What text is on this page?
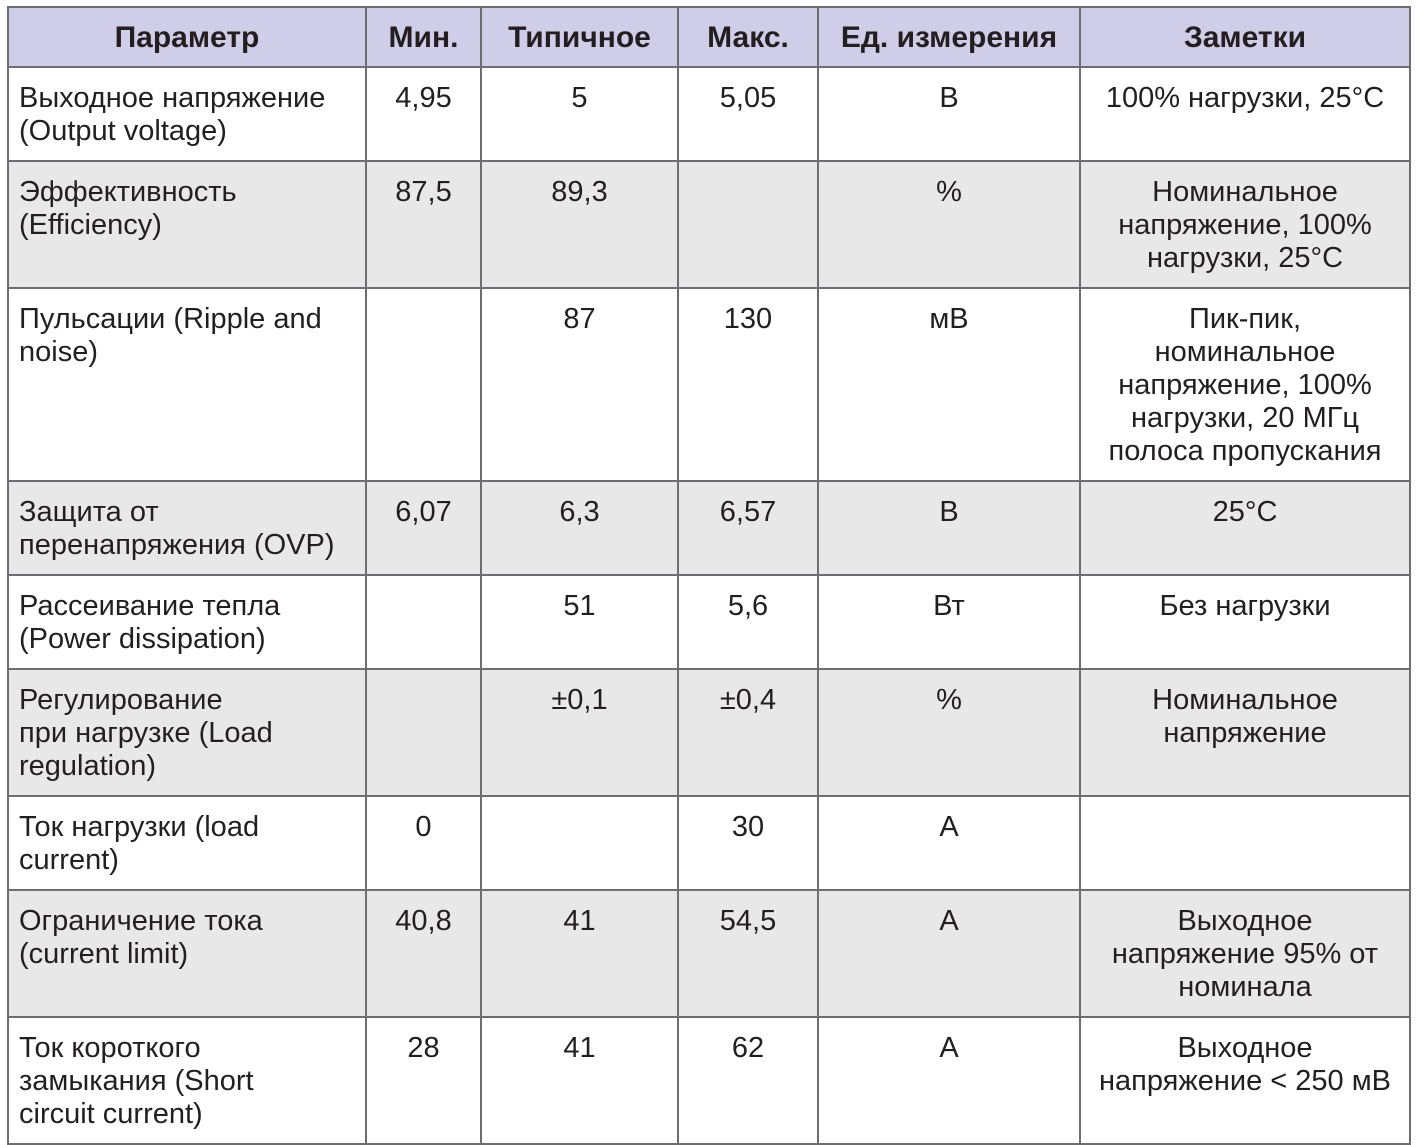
Параметр	Мин.	Типичное	Макс.	Ед. измерения	Заметки
Выходное напряжение
(Output voltage)	4,95	5	5,05	В	100% нагрузки, 25°С
Эффективность
(Efficiency)	87,5	89,3		%	Номинальное
напряжение, 100%
нагрузки, 25°С
Пульсации (Ripple and
noise)		87	130	мВ	Пик-пик,
номинальное
напряжение, 100%
нагрузки, 20 МГц
полоса пропускания
Защита от
перенапряжения (OVP)	6,07	6,3	6,57	В	25°С
Рассеивание тепла
(Power dissipation)		51	5,6	Вт	Без нагрузки
Регулирование
при нагрузке (Load
regulation)		±0,1	±0,4	%	Номинальное
напряжение
Ток нагрузки (load
current)	0		30	А	
Ограничение тока
(current limit)	40,8	41	54,5	А	Выходное
напряжение 95% от
номинала
Ток короткого
замыкания (Short
circuit current)	28	41	62	А	Выходное
напряжение < 250 мВ
